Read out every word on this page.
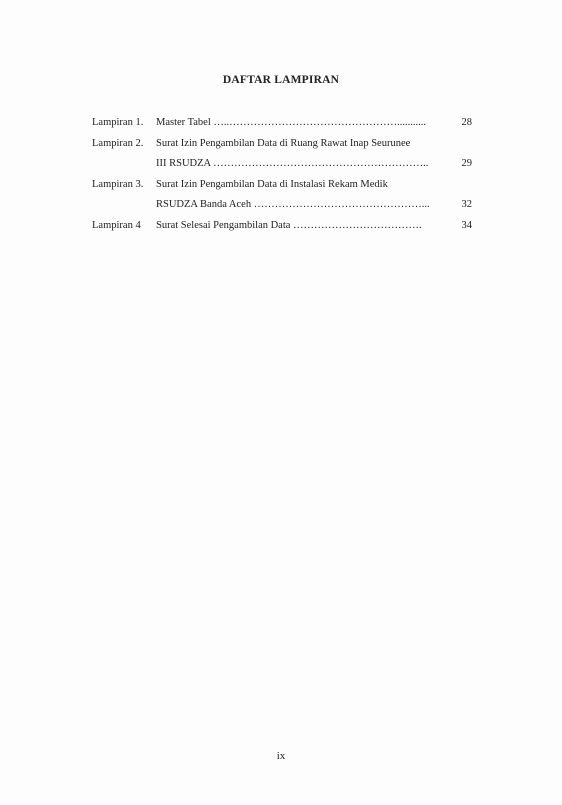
DAFTAR LAMPIRAN
Lampiran 1.	Master Tabel …..…………………………………………...........	28
Lampiran 2.	Surat Izin Pengambilan Data di Ruang Rawat Inap Seurunee
III RSUDZA ……………………………………………………..	29
Lampiran 3.	Surat Izin Pengambilan Data di Instalasi Rekam Medik
RSUDZA Banda Aceh …………………………………………...	32
Lampiran 4	Surat Selesai Pengambilan Data ……………………………….	34
ix
